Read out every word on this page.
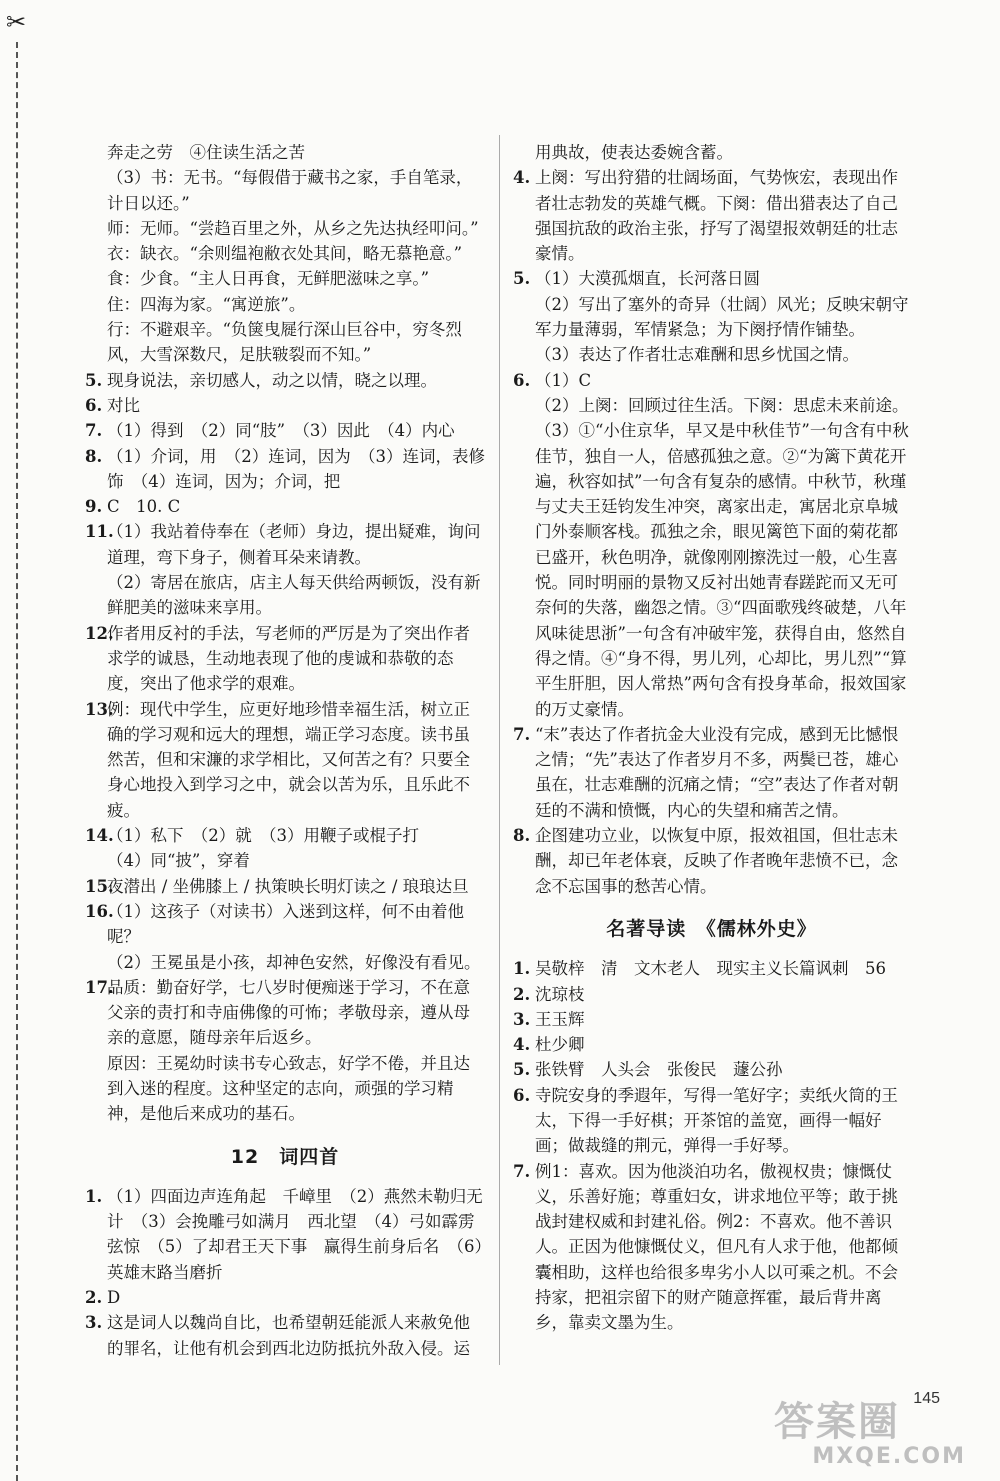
✂
奔走之劳　④住读生活之苦
（3）书：无书。“每假借于藏书之家，手自笔录，计日以还。”
师：无师。“尝趋百里之外，从乡之先达执经叩问。”
衣：缺衣。“余则缊袍敝衣处其间，略无慕艳意。”
食：少食。“主人日再食，无鲜肥滋味之享。”
住：四海为家。“寓逆旅”。
行：不避艰辛。“负箧曳屣行深山巨谷中，穷冬烈风，大雪深数尺，足肤皲裂而不知。”
5. 现身说法，亲切感人，动之以情，晓之以理。
6. 对比
7. （1）得到　（2）同“肢”　（3）因此　（4）内心
8. （1）介词，用　（2）连词，因为　（3）连词，表修饰　（4）连词，因为；介词，把
9. C　10. C
11.
（1）我站着侍奉在（老师）身边，提出疑难，询问道理，弯下身子，侧着耳朵来请教。
（2）寄居在旅店，店主人每天供给两顿饭，没有新鲜肥美的滋味来享用。
12.
作者用反衬的手法，写老师的严厉是为了突出作者求学的诚恳，生动地表现了他的虔诚和恭敬的态度，突出了他求学的艰难。
13.
例：现代中学生，应更好地珍惜幸福生活，树立正确的学习观和远大的理想，端正学习态度。读书虽然苦，但和宋濂的求学相比，又何苦之有？只要全身心地投入到学习之中，就会以苦为乐，且乐此不疲。
14.
（1）私下　（2）就　（3）用鞭子或棍子打
（4）同“披”，穿着
15.
夜潜出 / 坐佛膝上 / 执策映长明灯读之 / 琅琅达旦
16.
（1）这孩子（对读书）入迷到这样，何不由着他呢？
（2）王冕虽是小孩，却神色安然，好像没有看见。
17.
品质：勤奋好学，七八岁时便痴迷于学习，不在意父亲的责打和寺庙佛像的可怖；孝敬母亲，遵从母亲的意愿，随母亲年后返乡。
原因：王冕幼时读书专心致志，好学不倦，并且达到入迷的程度。这种坚定的志向，顽强的学习精神，是他后来成功的基石。
12　词四首
1. （1）四面边声连角起　千嶂里　（2）燕然未勒归无计　（3）会挽雕弓如满月　西北望　（4）弓如霹雳弦惊　（5）了却君王天下事　赢得生前身后名　（6）英雄末路当磨折
2. D
3. 这是词人以魏尚自比，也希望朝廷能派人来赦免他的罪名，让他有机会到西北边防抵抗外敌入侵。运
用典故，使表达委婉含蓄。
4. 上阕：写出狩猎的壮阔场面，气势恢宏，表现出作者壮志勃发的英雄气概。下阕：借出猎表达了自己强国抗敌的政治主张，抒写了渴望报效朝廷的壮志豪情。
5. （1）大漠孤烟直，长河落日圆
（2）写出了塞外的奇异（壮阔）风光；反映宋朝守军力量薄弱，军情紧急；为下阕抒情作铺垫。
（3）表达了作者壮志难酬和思乡忧国之情。
6. （1）C
（2）上阕：回顾过往生活。下阕：思虑未来前途。
（3）①“小住京华，早又是中秋佳节”一句含有中秋佳节，独自一人，倍感孤独之意。②“为篱下黄花开遍，秋容如拭”一句含有复杂的感情。中秋节，秋瑾与丈夫王廷钧发生冲突，离家出走，寓居北京阜城门外泰顺客栈。孤独之余，眼见篱笆下面的菊花都已盛开，秋色明净，就像刚刚擦洗过一般，心生喜悦。同时明丽的景物又反衬出她青春蹉跎而又无可奈何的失落，幽怨之情。③“四面歌残终破楚，八年风味徒思浙”一句含有冲破牢笼，获得自由，悠然自得之情。④“身不得，男儿列，心却比，男儿烈”“算平生肝胆，因人常热”两句含有投身革命，报效国家的万丈豪情。
7. “末”表达了作者抗金大业没有完成，感到无比憾恨之情；“先”表达了作者岁月不多，两鬓已苍，雄心虽在，壮志难酬的沉痛之情；“空”表达了作者对朝廷的不满和愤慨，内心的失望和痛苦之情。
8. 企图建功立业，以恢复中原，报效祖国，但壮志未酬，却已年老体衰，反映了作者晚年悲愤不已，念念不忘国事的愁苦心情。
名著导读　《儒林外史》
1. 吴敬梓　清　文木老人　现实主义长篇讽刺　56
2. 沈琼枝
3. 王玉辉
4. 杜少卿
5. 张铁臂　人头会　张俊民　蘧公孙
6. 寺院安身的季遐年，写得一笔好字；卖纸火筒的王太，下得一手好棋；开茶馆的盖宽，画得一幅好画；做裁缝的荆元，弹得一手好琴。
7. 例1：喜欢。因为他淡泊功名，傲视权贵；慷慨仗义，乐善好施；尊重妇女，讲求地位平等；敢于挑战封建权威和封建礼俗。例2：不喜欢。他不善识人。正因为他慷慨仗义，但凡有人求于他，他都倾囊相助，这样也给很多卑劣小人以可乘之机。不会持家，把祖宗留下的财产随意挥霍，最后背井离乡，靠卖文墨为生。
145
答案圈
MXQE.COM
